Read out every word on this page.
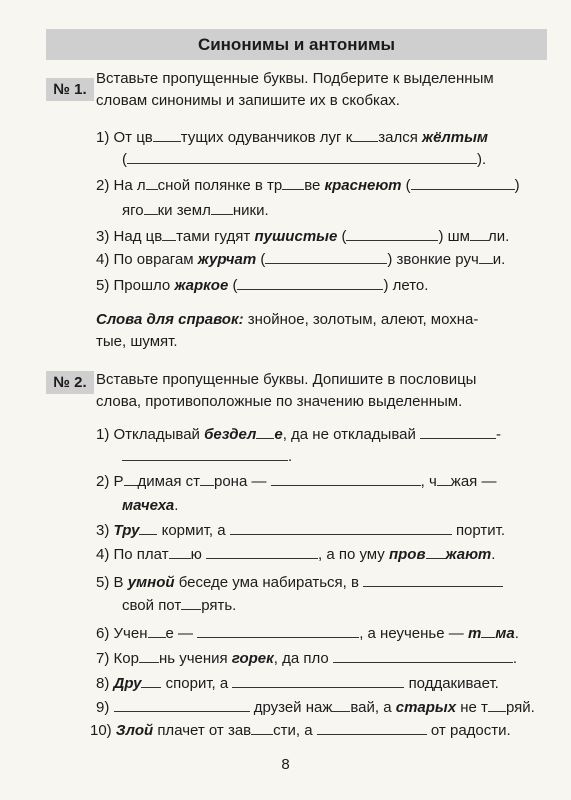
Синонимы и антонимы
№ 1.
Вставьте пропущенные буквы. Подберите к выделенным
словам синонимы и запишите их в скобках.
1) От цв тущих одуванчиков луг к зался жёлтым
(	).
2) На л сной полянке в тр ве краснеют (	)
яго ки земл ники.
3) Над цв тами гудят пушистые (	) шм ли.
4) По оврагам журчат (	) звонкие руч и.
5) Прошло жаркое (	) лето.
Слова для справок: знойное, золотым, алеют, мохна-
тые, шумят.
№ 2. Вставьте пропущенные буквы. Допишите в пословицы
слова, противоположные по значению выделенным.
1) Откладывай бездел е, да не откладывай	-
.
2) Р димая ст рона —	, ч жая —
мачеха.
3) Тру кормит, а	портит.
4) По плат ю	, а по уму пров жают.
5) В умной беседе ума набираться, в
свой пот рять.
6) Учен е —	, а неученье — т ма.
7) Кор нь учения горек, да пло	.
8) Дру спорит, а	поддакивает.
9)	друзей наж вай, а старых не т ряй.
10) Злой плачет от зав сти, а	от радости.
8
